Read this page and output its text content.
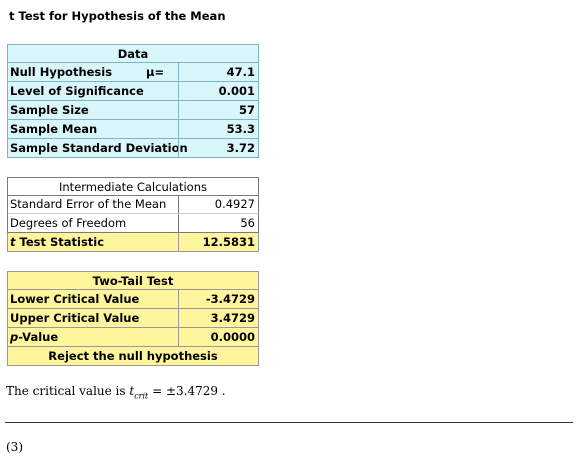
t Test for Hypothesis of the Mean
Data
Null Hypothesis	µ=	47.1
Level of Significance	0.001
Sample Size	57
Sample Mean	53.3
Sample Standard Deviation	3.72
Intermediate Calculations
Standard Error of the Mean	0.4927
Degrees of Freedom	56
t Test Statistic	12.5831
Two-Tail Test
Lower Critical Value	-3.4729
Upper Critical Value	3.4729
p-Value	0.0000
Reject the null hypothesis
The critical value is $t_{crit} = \pm 3.4729$ .
(3)
